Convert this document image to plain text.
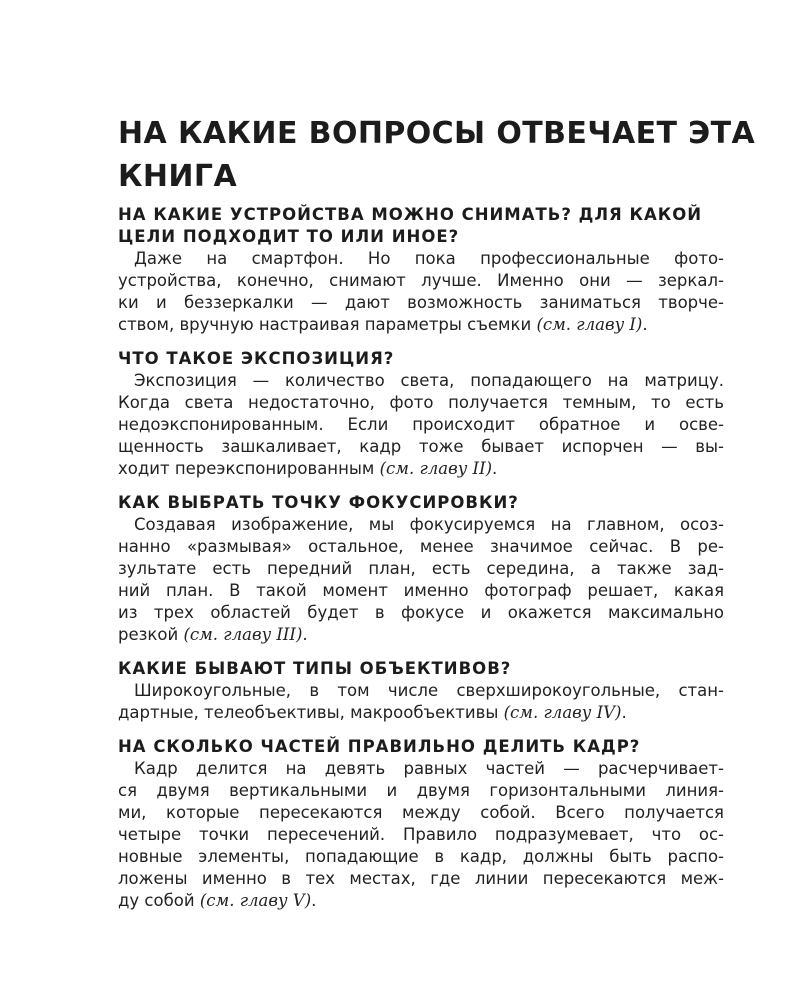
НА КАКИЕ ВОПРОСЫ ОТВЕЧАЕТ ЭТА
КНИГА
НА КАКИЕ УСТРОЙСТВА МОЖНО СНИМАТЬ? ДЛЯ КАКОЙ
ЦЕЛИ ПОДХОДИТ ТО ИЛИ ИНОЕ?
Даже на смартфон. Но пока профессиональные фото-
устройства, конечно, снимают лучше. Именно они — зеркал-
ки и беззеркалки — дают возможность заниматься творче-
ством, вручную настраивая параметры съемки (см. главу I).
ЧТО ТАКОЕ ЭКСПОЗИЦИЯ?
Экспозиция — количество света, попадающего на матрицу.
Когда света недостаточно, фото получается темным, то есть
недоэкспонированным. Если происходит обратное и осве-
щенность зашкаливает, кадр тоже бывает испорчен — вы-
ходит переэкспонированным (см. главу II).
КАК ВЫБРАТЬ ТОЧКУ ФОКУСИРОВКИ?
Создавая изображение, мы фокусируемся на главном, осоз-
нанно «размывая» остальное, менее значимое сейчас. В ре-
зультате есть передний план, есть середина, а также зад-
ний план. В такой момент именно фотограф решает, какая
из трех областей будет в фокусе и окажется максимально
резкой (см. главу III).
КАКИЕ БЫВАЮТ ТИПЫ ОБЪЕКТИВОВ?
Широкоугольные, в том числе сверхширокоугольные, стан-
дартные, телеобъективы, макрообъективы (см. главу IV).
НА СКОЛЬКО ЧАСТЕЙ ПРАВИЛЬНО ДЕЛИТЬ КАДР?
Кадр делится на девять равных частей — расчерчивает-
ся двумя вертикальными и двумя горизонтальными линия-
ми, которые пересекаются между собой. Всего получается
четыре точки пересечений. Правило подразумевает, что ос-
новные элементы, попадающие в кадр, должны быть распо-
ложены именно в тех местах, где линии пересекаются меж-
ду собой (см. главу V).
